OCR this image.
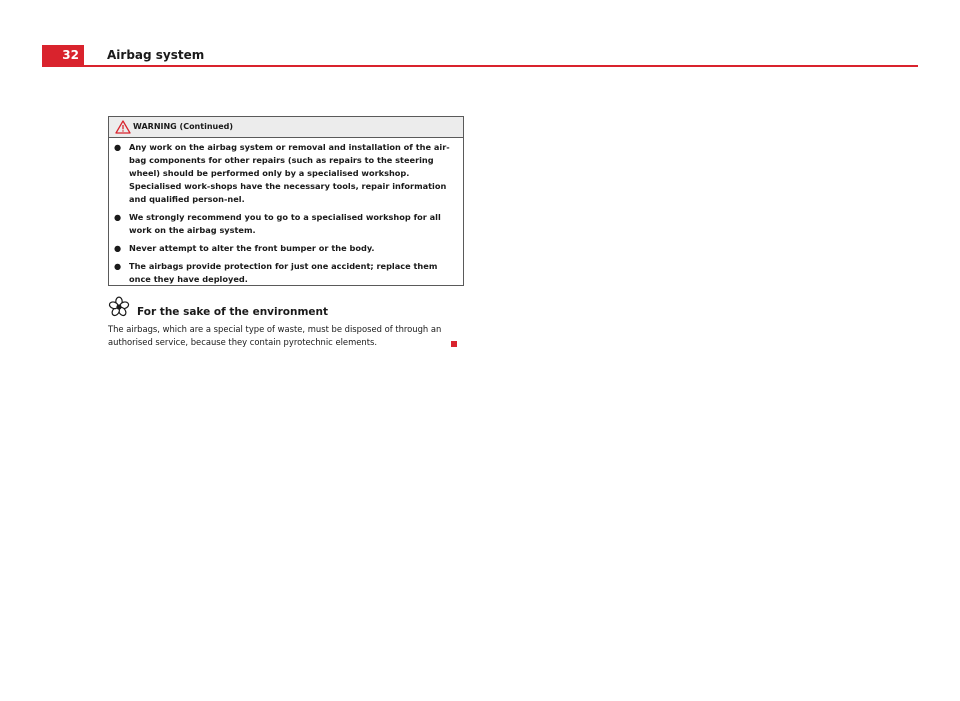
32	Airbag system
WARNING (Continued)
● Any work on the airbag system or removal and installation of the air-bag components for other repairs (such as repairs to the steering wheel) should be performed only by a specialised workshop. Specialised work-shops have the necessary tools, repair information and qualified person-nel.
● We strongly recommend you to go to a specialised workshop for all work on the airbag system.
● Never attempt to alter the front bumper or the body.
● The airbags provide protection for just one accident; replace them once they have deployed.
For the sake of the environment
The airbags, which are a special type of waste, must be disposed of through an authorised service, because they contain pyrotechnic elements.
